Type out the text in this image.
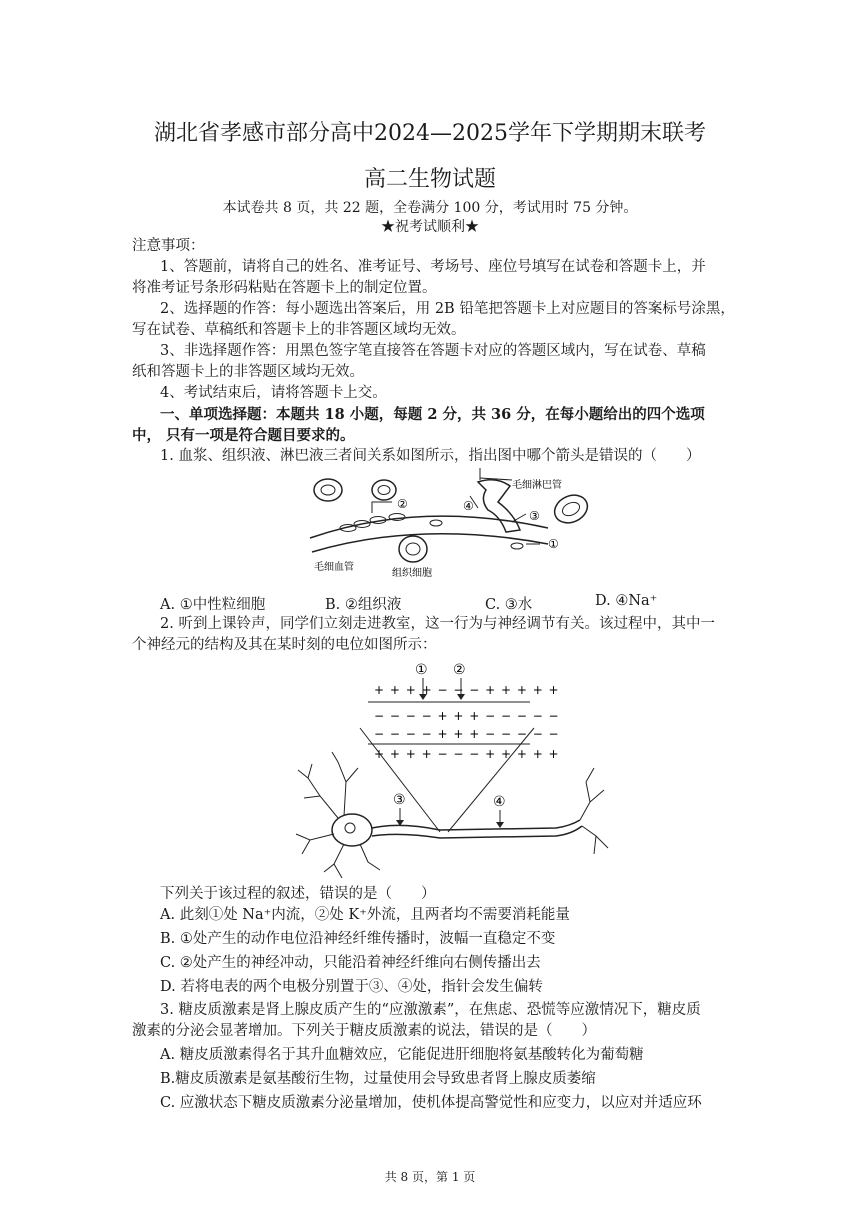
湖北省孝感市部分高中2024—2025学年下学期期末联考
高二生物试题
本试卷共 8 页，共 22 题，全卷满分 100 分，考试用时 75 分钟。
★祝考试顺利★
注意事项：
1、答题前，请将自己的姓名、准考证号、考场号、座位号填写在试卷和答题卡上，并
将准考证号条形码粘贴在答题卡上的制定位置。
2、选择题的作答：每小题选出答案后，用 2B 铅笔把答题卡上对应题目的答案标号涂黑，
写在试卷、草稿纸和答题卡上的非答题区域均无效。
3、非选择题作答：用黑色签字笔直接答在答题卡对应的答题区域内，写在试卷、草稿
纸和答题卡上的非答题区域均无效。
4、考试结束后，请将答题卡上交。
一、单项选择题：本题共 18 小题，每题 2 分，共 36 分，在每小题给出的四个选项
中， 只有一项是符合题目要求的。
1. 血浆、组织液、淋巴液三者间关系如图所示，指出图中哪个箭头是错误的（　　）
②
③
④
①
毛细淋巴管
毛细血管
组织细胞
A. ①中性粒细胞	B. ②组织液	C. ③水	D. ④Na⁺
2. 听到上课铃声，同学们立刻走进教室，这一行为与神经调节有关。该过程中，其中一
个神经元的结构及其在某时刻的电位如图所示：
① ②
+ + + + − − − + + + + +
− − − − + + + − − − − −
− − − − + + + − − − − −
+ + + + − − − + + + + +
③	④
下列关于该过程的叙述，错误的是（　　）
A. 此刻①处 Na⁺内流，②处 K⁺外流，且两者均不需要消耗能量
B. ①处产生的动作电位沿神经纤维传播时，波幅一直稳定不变
C. ②处产生的神经冲动，只能沿着神经纤维向右侧传播出去
D. 若将电表的两个电极分别置于③、④处，指针会发生偏转
3. 糖皮质激素是肾上腺皮质产生的“应激激素”，在焦虑、恐慌等应激情况下，糖皮质
激素的分泌会显著增加。下列关于糖皮质激素的说法，错误的是（　　）
A. 糖皮质激素得名于其升血糖效应，它能促进肝细胞将氨基酸转化为葡萄糖
B.糖皮质激素是氨基酸衍生物，过量使用会导致患者肾上腺皮质萎缩
C. 应激状态下糖皮质激素分泌量增加，使机体提高警觉性和应变力，以应对并适应环
共 8 页，第 1 页
